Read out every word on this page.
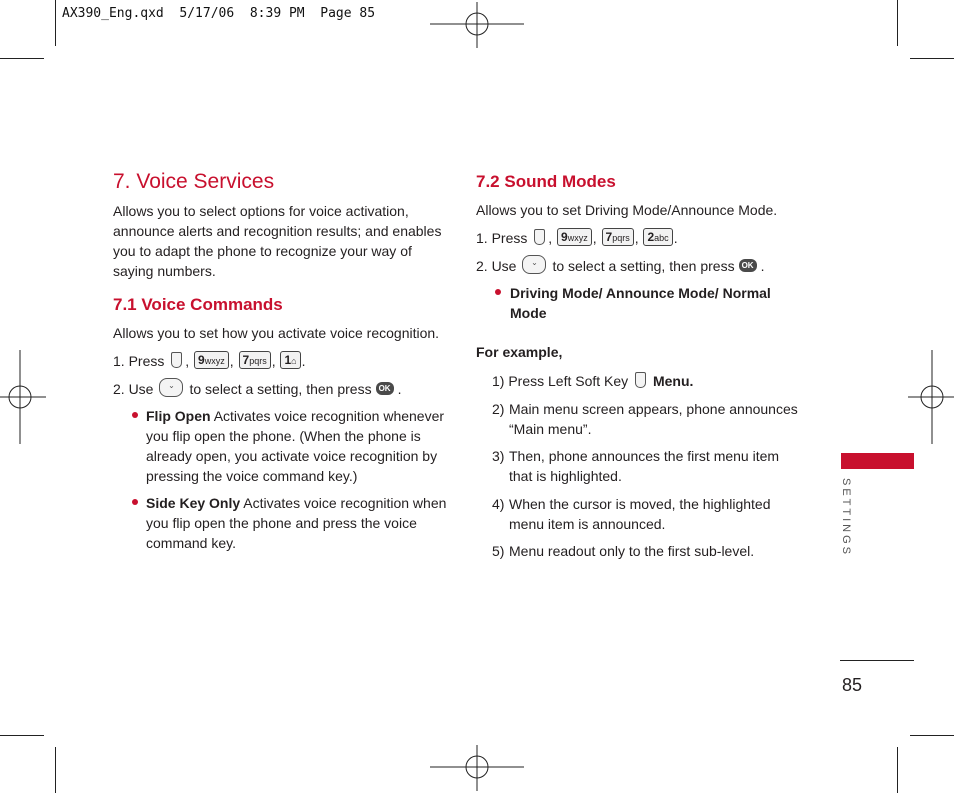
AX390_Eng.qxd  5/17/06  8:39 PM  Page 85
7. Voice Services
Allows you to select options for voice activation,
announce alerts and recognition results; and enables
you to adapt the phone to recognize your way of
saying numbers.
7.1 Voice Commands
Allows you to set how you activate voice recognition.
1. Press , 9wxyz , 7pqrs , 1⌂ .
2. Use ⌄ to select a setting, then press OK .
Flip Open Activates voice recognition whenever
you flip open the phone. (When the phone is
already open, you activate voice recognition by
pressing the voice command key.)
Side Key Only Activates voice recognition when
you flip open the phone and press the voice
command key.
7.2 Sound Modes
Allows you to set Driving Mode/Announce Mode.
1. Press , 9wxyz , 7pqrs , 2abc .
2. Use ⌄ to select a setting, then press OK .
Driving Mode/ Announce Mode/ Normal
Mode
For example,
1) Press Left Soft Key Menu.
2) Main menu screen appears, phone announces
“Main menu”.
3) Then, phone announces the first menu item
that is highlighted.
4) When the cursor is moved, the highlighted
menu item is announced.
5) Menu readout only to the first sub-level.	SETTINGS
85
